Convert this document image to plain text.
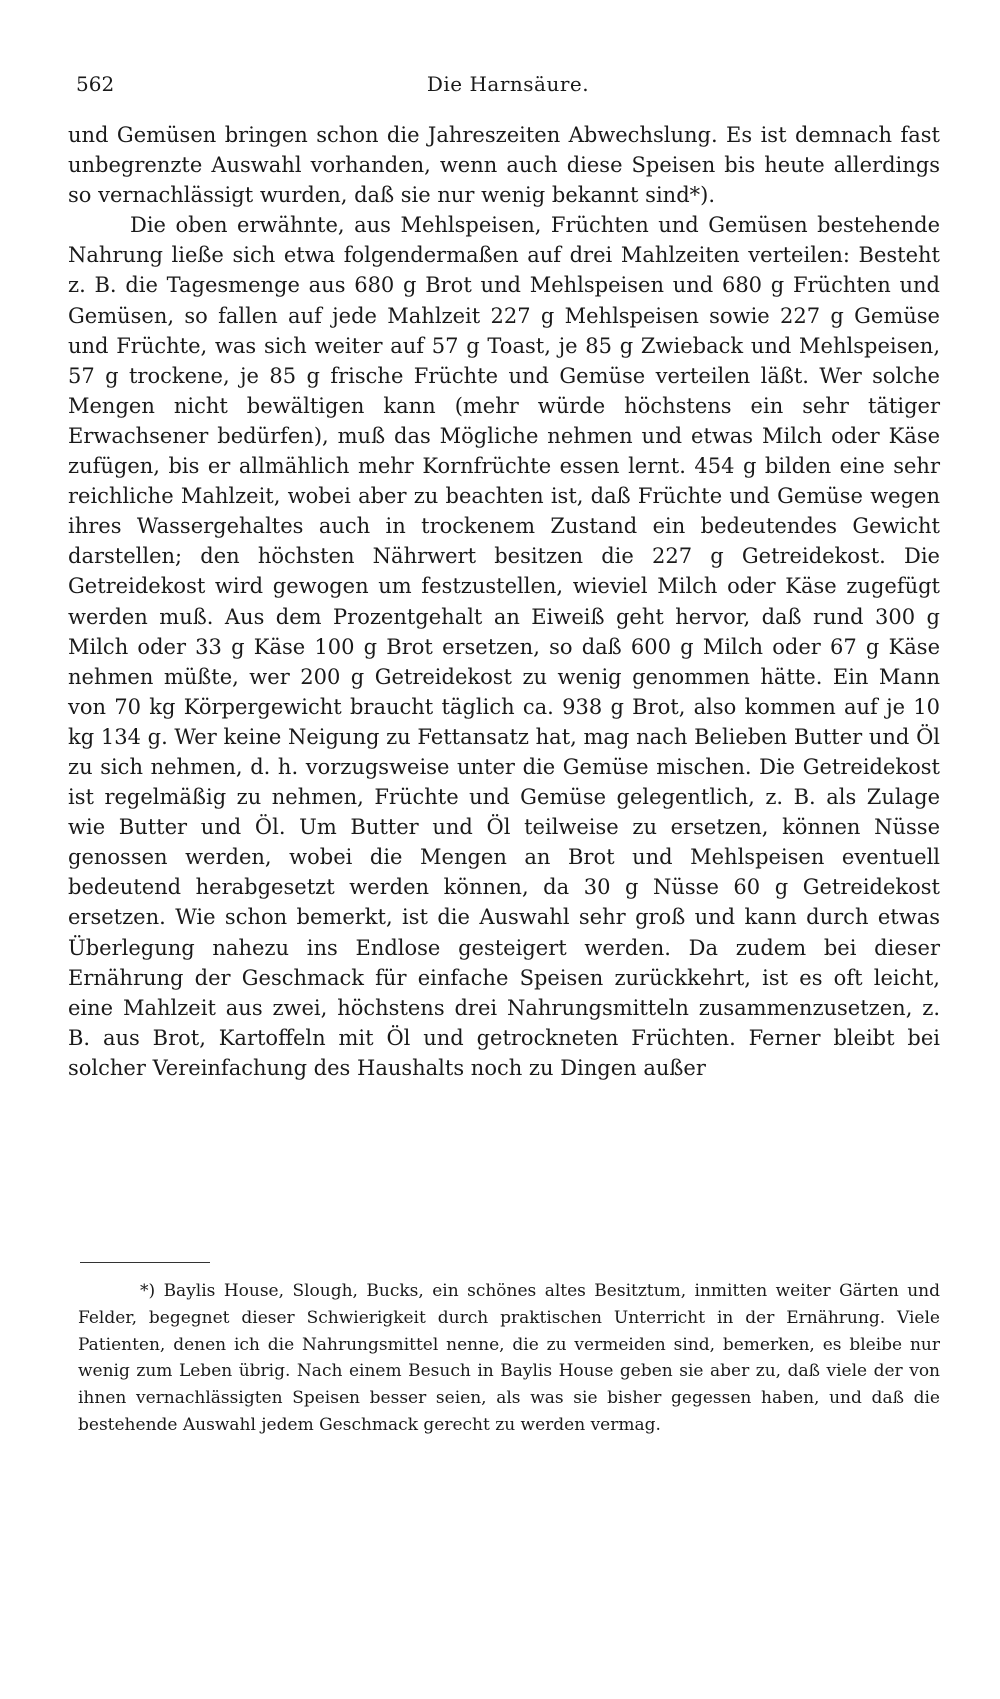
562	Die Harnsäure.

und Gemüsen bringen schon die Jahreszeiten Abwechslung. Es ist demnach fast unbegrenzte Auswahl vorhanden, wenn auch diese Speisen bis heute allerdings so vernachlässigt wurden, daß sie nur wenig bekannt sind*).

Die oben erwähnte, aus Mehlspeisen, Früchten und Gemüsen bestehende Nahrung ließe sich etwa folgendermaßen auf drei Mahlzeiten verteilen: Besteht z. B. die Tagesmenge aus 680 g Brot und Mehlspeisen und 680 g Früchten und Gemüsen, so fallen auf jede Mahlzeit 227 g Mehlspeisen sowie 227 g Gemüse und Früchte, was sich weiter auf 57 g Toast, je 85 g Zwieback und Mehlspeisen, 57 g trockene, je 85 g frische Früchte und Gemüse verteilen läßt. Wer solche Mengen nicht bewältigen kann (mehr würde höchstens ein sehr tätiger Erwachsener bedürfen), muß das Mögliche nehmen und etwas Milch oder Käse zufügen, bis er allmählich mehr Kornfrüchte essen lernt. 454 g bilden eine sehr reichliche Mahlzeit, wobei aber zu beachten ist, daß Früchte und Gemüse wegen ihres Wassergehaltes auch in trockenem Zustand ein bedeutendes Gewicht darstellen; den höchsten Nährwert besitzen die 227 g Getreidekost. Die Getreidekost wird gewogen um festzustellen, wieviel Milch oder Käse zugefügt werden muß. Aus dem Prozentgehalt an Eiweiß geht hervor, daß rund 300 g Milch oder 33 g Käse 100 g Brot ersetzen, so daß 600 g Milch oder 67 g Käse nehmen müßte, wer 200 g Getreidekost zu wenig genommen hätte. Ein Mann von 70 kg Körpergewicht braucht täglich ca. 938 g Brot, also kommen auf je 10 kg 134 g. Wer keine Neigung zu Fettansatz hat, mag nach Belieben Butter und Öl zu sich nehmen, d. h. vorzugsweise unter die Gemüse mischen. Die Getreidekost ist regelmäßig zu nehmen, Früchte und Gemüse gelegentlich, z. B. als Zulage wie Butter und Öl. Um Butter und Öl teilweise zu ersetzen, können Nüsse genossen werden, wobei die Mengen an Brot und Mehlspeisen eventuell bedeutend herabgesetzt werden können, da 30 g Nüsse 60 g Getreidekost ersetzen. Wie schon bemerkt, ist die Auswahl sehr groß und kann durch etwas Überlegung nahezu ins Endlose gesteigert werden. Da zudem bei dieser Ernährung der Geschmack für einfache Speisen zurückkehrt, ist es oft leicht, eine Mahlzeit aus zwei, höchstens drei Nahrungsmitteln zusammenzusetzen, z. B. aus Brot, Kartoffeln mit Öl und getrockneten Früchten. Ferner bleibt bei solcher Vereinfachung des Haushalts noch zu Dingen außer

*) Baylis House, Slough, Bucks, ein schönes altes Besitztum, inmitten weiter Gärten und Felder, begegnet dieser Schwierigkeit durch praktischen Unterricht in der Ernährung. Viele Patienten, denen ich die Nahrungsmittel nenne, die zu vermeiden sind, bemerken, es bleibe nur wenig zum Leben übrig. Nach einem Besuch in Baylis House geben sie aber zu, daß viele der von ihnen vernachlässigten Speisen besser seien, als was sie bisher gegessen haben, und daß die bestehende Auswahl jedem Geschmack gerecht zu werden vermag.
